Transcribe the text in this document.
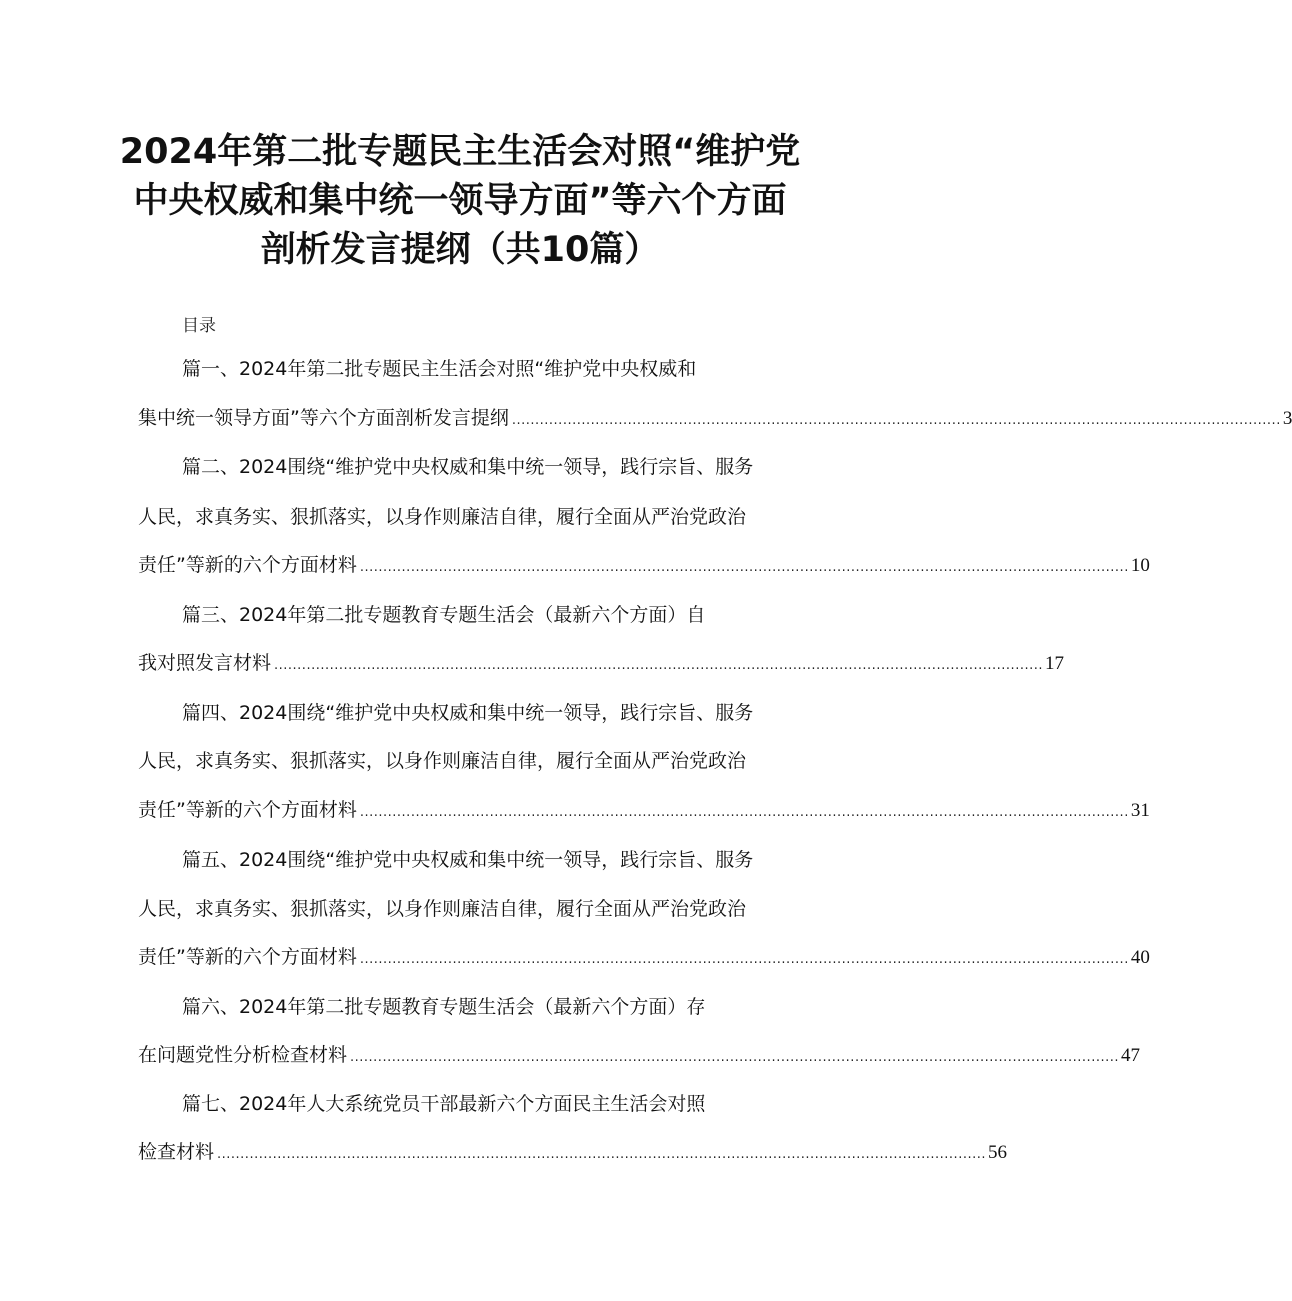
2024年第二批专题民主生活会对照“维护党
中央权威和集中统一领导方面”等六个方面
剖析发言提纲（共10篇）
目录
篇一、2024年第二批专题民主生活会对照“维护党中央权威和
集中统一领导方面”等六个方面剖析发言提纲 ...................................................................................................................................................................... 3
篇二、2024围绕“维护党中央权威和集中统一领导，践行宗旨、服务
人民，求真务实、狠抓落实，以身作则廉洁自律，履行全面从严治党政治
责任”等新的六个方面材料 ...................................................................................................................................................................... 10
篇三、2024年第二批专题教育专题生活会（最新六个方面）自
我对照发言材料 ...................................................................................................................................................................... 17
篇四、2024围绕“维护党中央权威和集中统一领导，践行宗旨、服务
人民，求真务实、狠抓落实，以身作则廉洁自律，履行全面从严治党政治
责任”等新的六个方面材料 ...................................................................................................................................................................... 31
篇五、2024围绕“维护党中央权威和集中统一领导，践行宗旨、服务
人民，求真务实、狠抓落实，以身作则廉洁自律，履行全面从严治党政治
责任”等新的六个方面材料 ...................................................................................................................................................................... 40
篇六、2024年第二批专题教育专题生活会（最新六个方面）存
在问题党性分析检查材料 ...................................................................................................................................................................... 47
篇七、2024年人大系统党员干部最新六个方面民主生活会对照
检查材料 ...................................................................................................................................................................... 56
